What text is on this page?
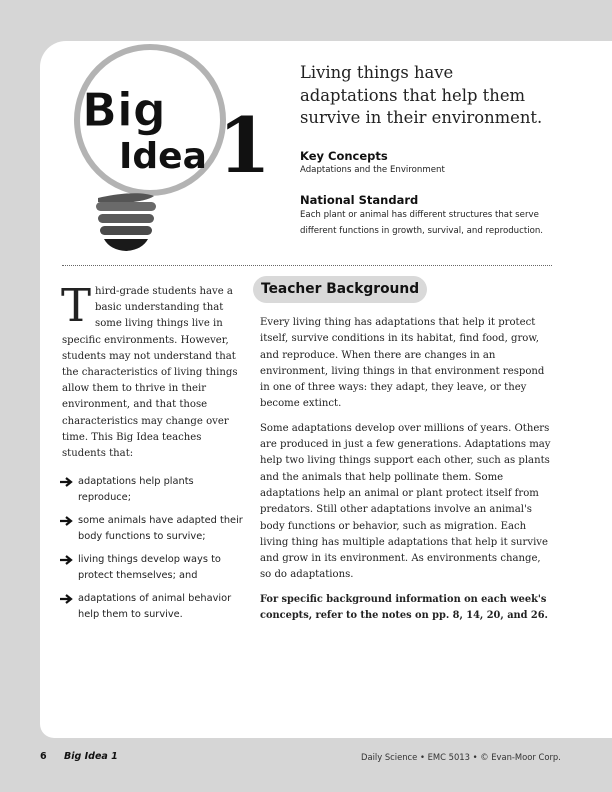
Big
Idea 1
Living things have adaptations that help them survive in their environment.
Key Concepts
Adaptations and the Environment
National Standard
Each plant or animal has different structures that serve different functions in growth, survival, and reproduction.
Third-grade students have a basic understanding that some living things live in specific environments. However, students may not understand that the characteristics of living things allow them to thrive in their environment, and that those characteristics may change over time. This Big Idea teaches students that:
adaptations help plants reproduce;
some animals have adapted their body functions to survive;
living things develop ways to protect themselves; and
adaptations of animal behavior help them to survive.
Teacher Background

Every living thing has adaptations that help it protect itself, survive conditions in its habitat, find food, grow, and reproduce. When there are changes in an environment, living things in that environment respond in one of three ways: they adapt, they leave, or they become extinct.

Some adaptations develop over millions of years. Others are produced in just a few generations. Adaptations may help two living things support each other, such as plants and the animals that help pollinate them. Some adaptations help an animal or plant protect itself from predators. Still other adaptations involve an animal's body functions or behavior, such as migration. Each living thing has multiple adaptations that help it survive and grow in its environment. As environments change, so do adaptations.

For specific background information on each week's concepts, refer to the notes on pp. 8, 14, 20, and 26.

6 Big Idea 1	Daily Science • EMC 5013 • © Evan-Moor Corp.
